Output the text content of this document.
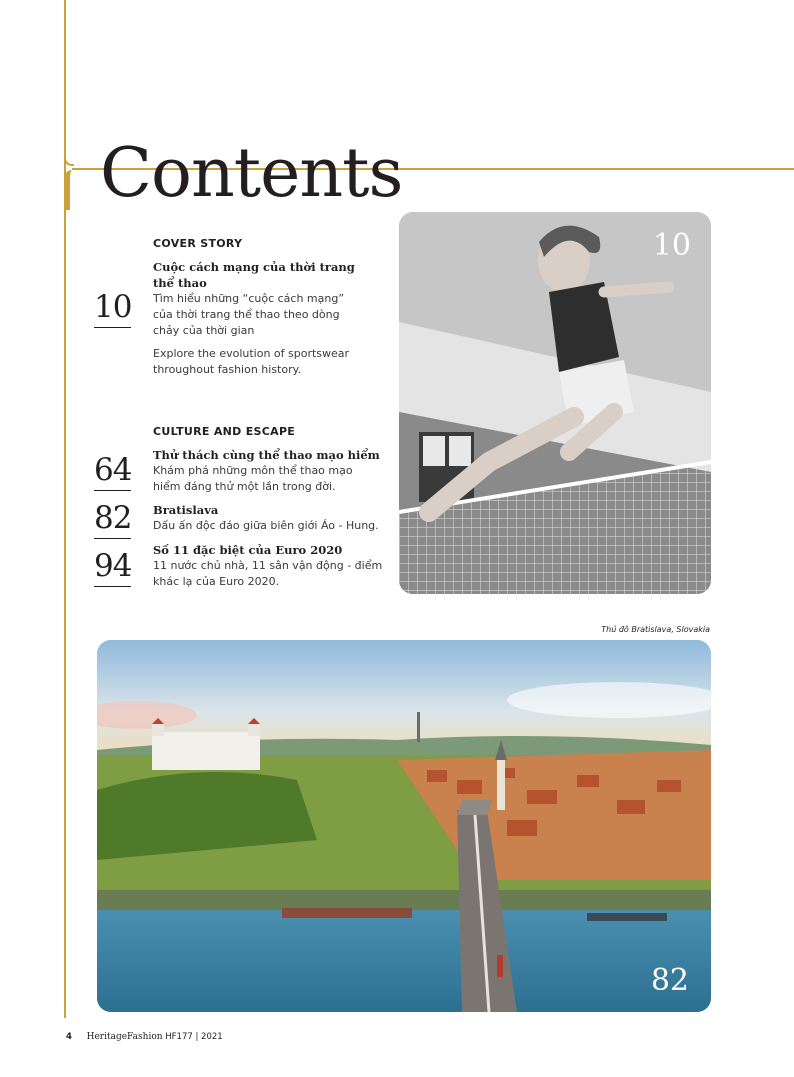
Contents
COVER STORY
10
Cuộc cách mạng của thời trang
thể thao
Tìm hiểu những “cuộc cách mạng”
của thời trang thể thao theo dòng
chảy của thời gian
Explore the evolution of sportswear
throughout fashion history.
CULTURE AND ESCAPE
64 Thử thách cùng thể thao mạo hiểm
Khám phá những môn thể thao mạo
hiểm đáng thử một lần trong đời.
82 Bratislava
Dấu ấn độc đáo giữa biên giới Áo - Hung.
94 Số 11 đặc biệt của Euro 2020
11 nước chủ nhà, 11 sân vận động - điểm
khác lạ của Euro 2020.
10
Thủ đô Bratislava, Slovakia
82
4 HeritageFashion HF177 | 2021
